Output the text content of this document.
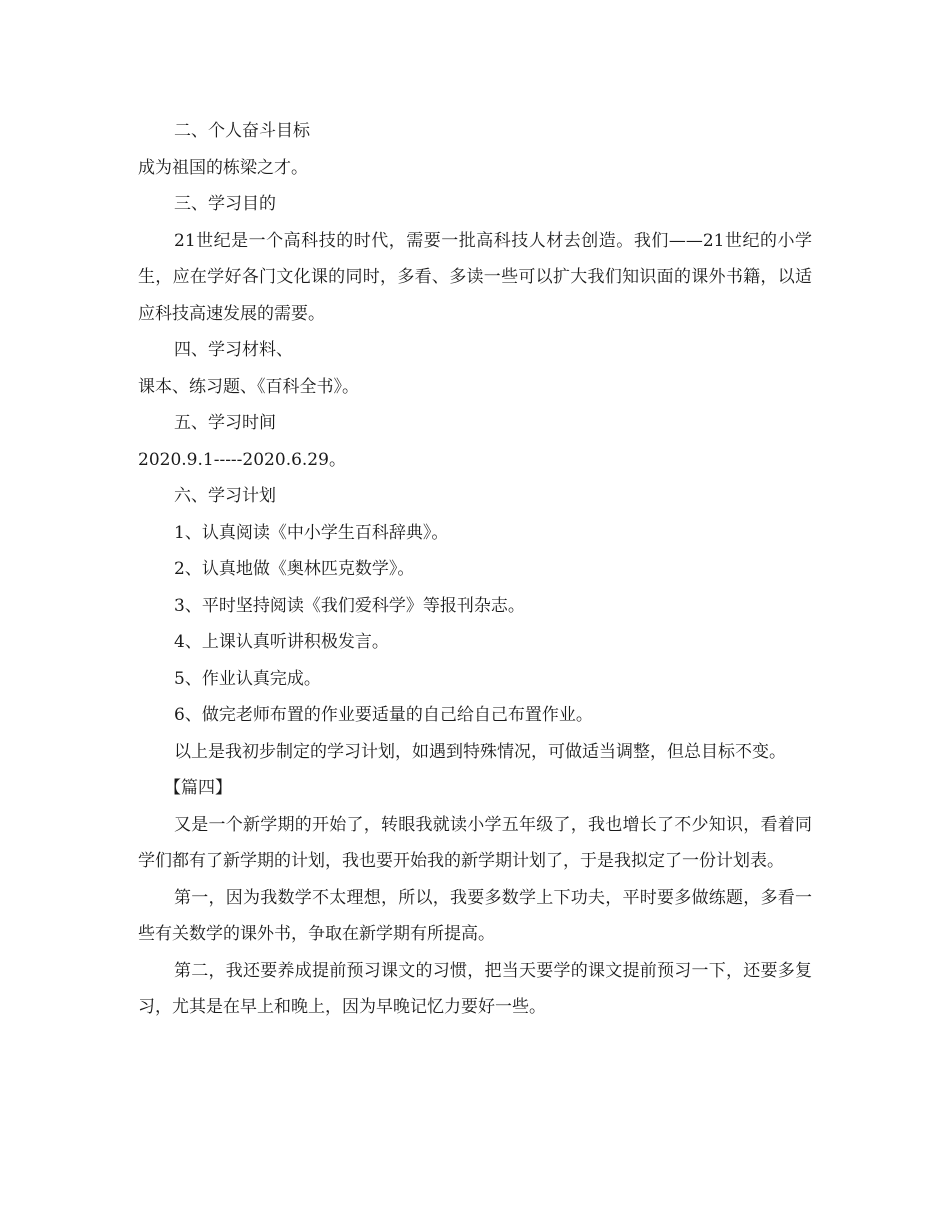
二、个人奋斗目标

成为祖国的栋梁之才。

三、学习目的

21世纪是一个高科技的时代，需要一批高科技人材去创造。我们——21世纪的小学生，应在学好各门文化课的同时，多看、多读一些可以扩大我们知识面的课外书籍，以适应科技高速发展的需要。

四、学习材料、

课本、练习题、《百科全书》。

五、学习时间

2020.9.1-----2020.6.29。

六、学习计划

1、认真阅读《中小学生百科辞典》。

2、认真地做《奥林匹克数学》。

3、平时坚持阅读《我们爱科学》等报刊杂志。

4、上课认真听讲积极发言。

5、作业认真完成。

6、做完老师布置的作业要适量的自己给自己布置作业。

以上是我初步制定的学习计划，如遇到特殊情况，可做适当调整，但总目标不变。

【篇四】

又是一个新学期的开始了，转眼我就读小学五年级了，我也增长了不少知识，看着同学们都有了新学期的计划，我也要开始我的新学期计划了，于是我拟定了一份计划表。

第一，因为我数学不太理想，所以，我要多数学上下功夫，平时要多做练题，多看一些有关数学的课外书，争取在新学期有所提高。

第二，我还要养成提前预习课文的习惯，把当天要学的课文提前预习一下，还要多复习，尤其是在早上和晚上，因为早晚记忆力要好一些。
